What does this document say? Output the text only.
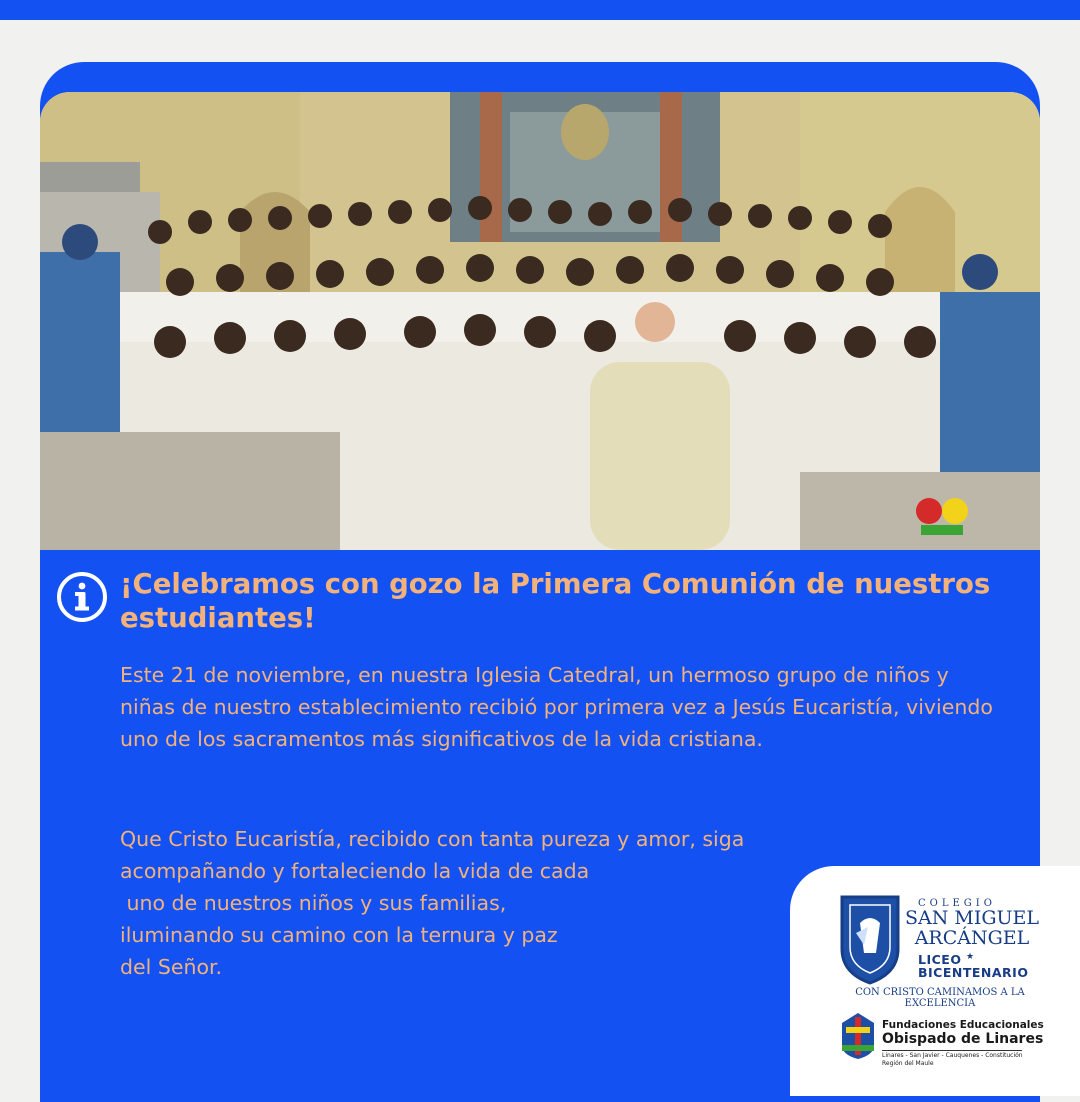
¡Celebramos con gozo la Primera Comunión de nuestros estudiantes!

Este 21 de noviembre, en nuestra Iglesia Catedral, un hermoso grupo de niños y niñas de nuestro establecimiento recibió por primera vez a Jesús Eucaristía, viviendo uno de los sacramentos más significativos de la vida cristiana.

Que Cristo Eucaristía, recibido con tanta pureza y amor, siga
acompañando y fortaleciendo la vida de cada
uno de nuestros niños y sus familias,
iluminando su camino con la ternura y paz
del Señor.

COLEGIO
SAN MIGUEL
ARCÁNGEL
LICEO
BICENTENARIO
★
CON CRISTO CAMINAMOS A LA EXCELENCIA
Fundaciones Educacionales
Obispado de Linares
Linares - San Javier - Cauquenes - Constitución Región del Maule
